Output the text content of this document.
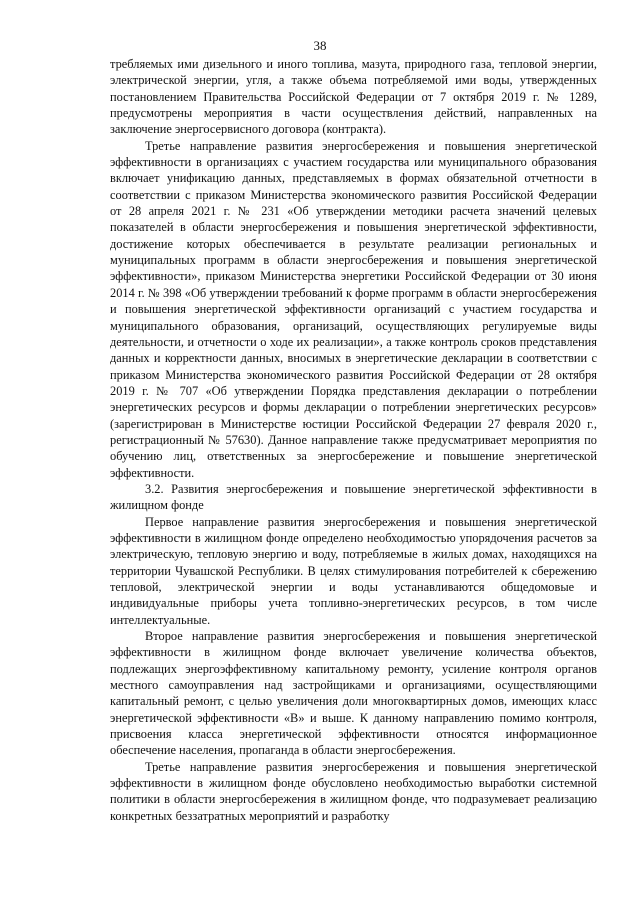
38

требляемых ими дизельного и иного топлива, мазута, природного газа, тепловой энергии, электрической энергии, угля, а также объема потребляемой ими воды, утвержденных постановлением Правительства Российской Федерации от 7 октября 2019 г. № 1289, предусмотрены мероприятия в части осуществления действий, направленных на заключение энергосервисного договора (контракта).

Третье направление развития энергосбережения и повышения энергетической эффективности в организациях с участием государства или муниципального образования включает унификацию данных, представляемых в формах обязательной отчетности в соответствии с приказом Министерства экономического развития Российской Федерации от 28 апреля 2021 г. № 231 «Об утверждении методики расчета значений целевых показателей в области энергосбережения и повышения энергетической эффективности, достижение которых обеспечивается в результате реализации региональных и муниципальных программ в области энергосбережения и повышения энергетической эффективности», приказом Министерства энергетики Российской Федерации от 30 июня 2014 г. № 398 «Об утверждении требований к форме программ в области энергосбережения и повышения энергетической эффективности организаций с участием государства и муниципального образования, организаций, осуществляющих регулируемые виды деятельности, и отчетности о ходе их реализации», а также контроль сроков представления данных и корректности данных, вносимых в энергетические декларации в соответствии с приказом Министерства экономического развития Российской Федерации от 28 октября 2019 г. № 707 «Об утверждении Порядка представления декларации о потреблении энергетических ресурсов и формы декларации о потреблении энергетических ресурсов» (зарегистрирован в Министерстве юстиции Российской Федерации 27 февраля 2020 г., регистрационный № 57630). Данное направление также предусматривает мероприятия по обучению лиц, ответственных за энергосбережение и повышение энергетической эффективности.

3.2. Развития энергосбережения и повышение энергетической эффективности в жилищном фонде

Первое направление развития энергосбережения и повышения энергетической эффективности в жилищном фонде определено необходимостью упорядочения расчетов за электрическую, тепловую энергию и воду, потребляемые в жилых домах, находящихся на территории Чувашской Республики. В целях стимулирования потребителей к сбережению тепловой, электрической энергии и воды устанавливаются общедомовые и индивидуальные приборы учета топливно-энергетических ресурсов, в том числе интеллектуальные.

Второе направление развития энергосбережения и повышения энергетической эффективности в жилищном фонде включает увеличение количества объектов, подлежащих энергоэффективному капитальному ремонту, усиление контроля органов местного самоуправления над застройщиками и организациями, осуществляющими капитальный ремонт, с целью увеличения доли многоквартирных домов, имеющих класс энергетической эффективности «В» и выше. К данному направлению помимо контроля, присвоения класса энергетической эффективности относятся информационное обеспечение населения, пропаганда в области энергосбережения.

Третье направление развития энергосбережения и повышения энергетической эффективности в жилищном фонде обусловлено необходимостью выработки системной политики в области энергосбережения в жилищном фонде, что подразумевает реализацию конкретных беззатратных мероприятий и разработку
